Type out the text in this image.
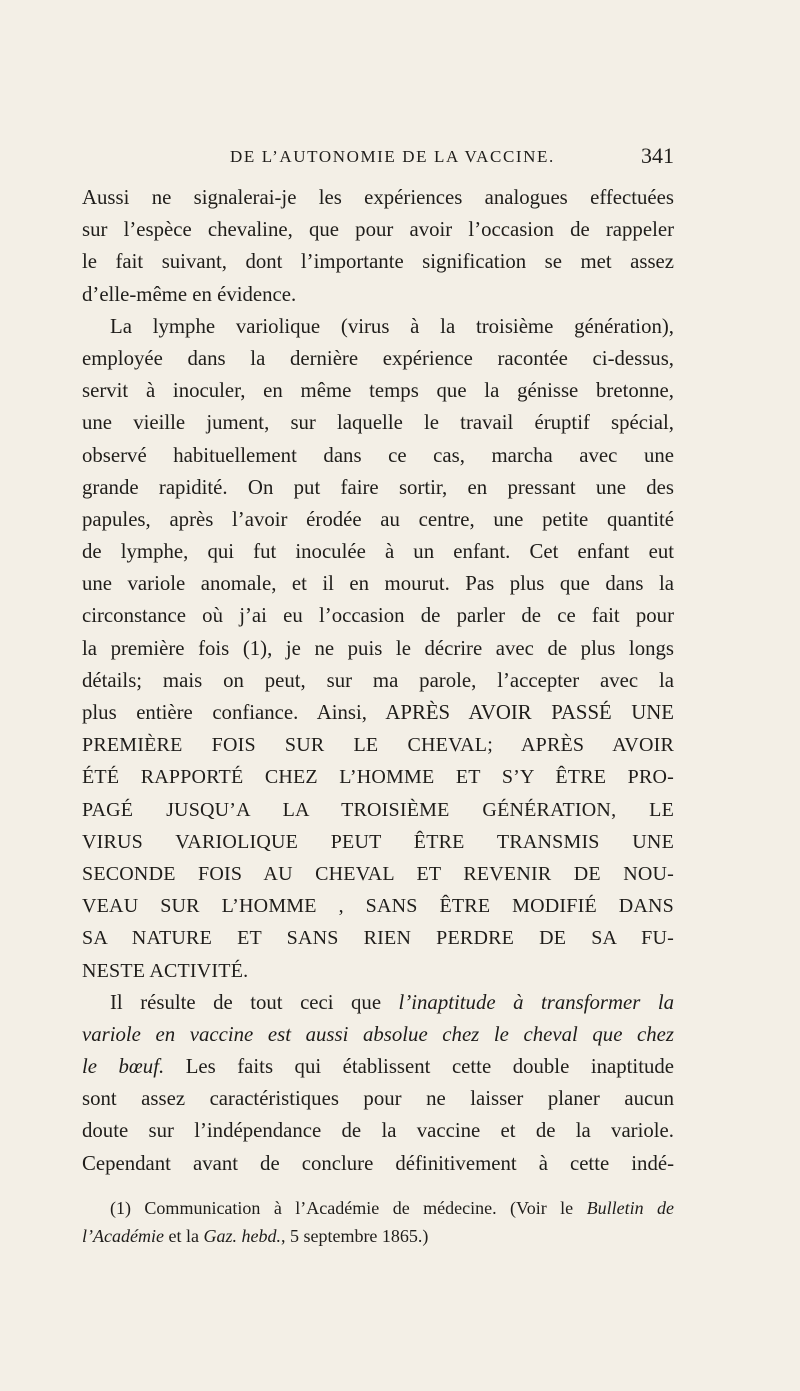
DE L’AUTONOMIE DE LA VACCINE.	341
Aussi ne signalerai-je les expériences analogues effectuées
sur l’espèce chevaline, que pour avoir l’occasion de rappeler
le fait suivant, dont l’importante signification se met assez
d’elle-même en évidence.
La lymphe variolique (virus à la troisième génération),
employée dans la dernière expérience racontée ci-dessus,
servit à inoculer, en même temps que la génisse bretonne,
une vieille jument, sur laquelle le travail éruptif spécial,
observé habituellement dans ce cas, marcha avec une
grande rapidité. On put faire sortir, en pressant une des
papules, après l’avoir érodée au centre, une petite quantité
de lymphe, qui fut inoculée à un enfant. Cet enfant eut
une variole anomale, et il en mourut. Pas plus que dans la
circonstance où j’ai eu l’occasion de parler de ce fait pour
la première fois (1), je ne puis le décrire avec de plus longs
détails; mais on peut, sur ma parole, l’accepter avec la
plus entière confiance. Ainsi, APRÈS AVOIR PASSÉ UNE
PREMIÈRE FOIS SUR LE CHEVAL; APRÈS AVOIR
ÉTÉ RAPPORTÉ CHEZ L’HOMME ET S’Y ÊTRE PRO-
PAGÉ JUSQU’A LA TROISIÈME GÉNÉRATION, LE
VIRUS VARIOLIQUE PEUT ÊTRE TRANSMIS UNE
SECONDE FOIS AU CHEVAL ET REVENIR DE NOU-
VEAU SUR L’HOMME , SANS ÊTRE MODIFIÉ DANS
SA NATURE ET SANS RIEN PERDRE DE SA FU-
NESTE ACTIVITÉ.
Il résulte de tout ceci que l’inaptitude à transformer la
variole en vaccine est aussi absolue chez le cheval que chez
le bœuf. Les faits qui établissent cette double inaptitude
sont assez caractéristiques pour ne laisser planer aucun
doute sur l’indépendance de la vaccine et de la variole.
Cependant avant de conclure définitivement à cette indé-
(1) Communication à l’Académie de médecine. (Voir le Bulletin de
l’Académie et la Gaz. hebd., 5 septembre 1865.)
